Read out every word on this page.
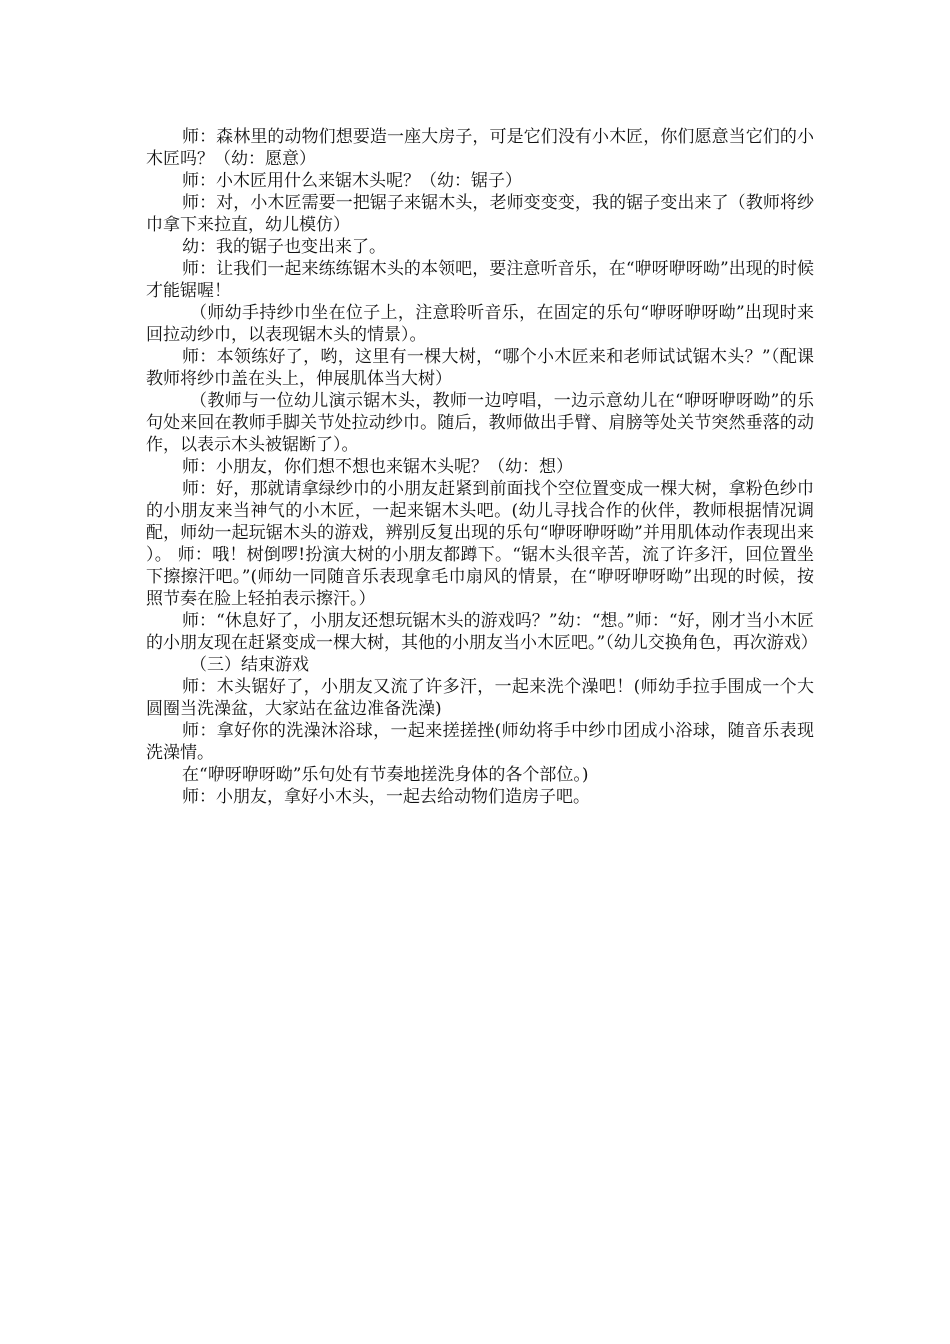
师：森林里的动物们想要造一座大房子，可是它们没有小木匠，你们愿意当它们的小木匠吗？（幼：愿意）

师：小木匠用什么来锯木头呢？（幼：锯子）

师：对，小木匠需要一把锯子来锯木头，老师变变变，我的锯子变出来了（教师将纱巾拿下来拉直，幼儿模仿）

幼：我的锯子也变出来了。

师：让我们一起来练练锯木头的本领吧，要注意听音乐，在“咿呀咿呀呦”出现的时候才能锯喔！

（师幼手持纱巾坐在位子上，注意聆听音乐，在固定的乐句“咿呀咿呀呦”出现时来回拉动纱巾，以表现锯木头的情景）。

师：本领练好了，哟，这里有一棵大树，“哪个小木匠来和老师试试锯木头？”（配课教师将纱巾盖在头上，伸展肌体当大树）

（教师与一位幼儿演示锯木头，教师一边哼唱，一边示意幼儿在“咿呀咿呀呦”的乐句处来回在教师手脚关节处拉动纱巾。随后，教师做出手臂、肩膀等处关节突然垂落的动作，以表示木头被锯断了）。

师：小朋友，你们想不想也来锯木头呢？（幼：想）

师：好，那就请拿绿纱巾的小朋友赶紧到前面找个空位置变成一棵大树，拿粉色纱巾的小朋友来当神气的小木匠，一起来锯木头吧。(幼儿寻找合作的伙伴，教师根据情况调配，师幼一起玩锯木头的游戏，辨别反复出现的乐句“咿呀咿呀呦”并用肌体动作表现出来）。 师：哦！树倒啰!扮演大树的小朋友都蹲下。“锯木头很辛苦，流了许多汗，回位置坐下擦擦汗吧。”(师幼一同随音乐表现拿毛巾扇风的情景，在“咿呀咿呀呦”出现的时候，按照节奏在脸上轻拍表示擦汗。）

师：“休息好了，小朋友还想玩锯木头的游戏吗？”幼：“想。”师：“好，刚才当小木匠的小朋友现在赶紧变成一棵大树，其他的小朋友当小木匠吧。”（幼儿交换角色，再次游戏）

（三）结束游戏

师：木头锯好了，小朋友又流了许多汗，一起来洗个澡吧！(师幼手拉手围成一个大圆圈当洗澡盆，大家站在盆边准备洗澡)

师：拿好你的洗澡沐浴球，一起来搓搓挫(师幼将手中纱巾团成小浴球，随音乐表现洗澡情。

在“咿呀咿呀呦”乐句处有节奏地搓洗身体的各个部位。)

师：小朋友，拿好小木头，一起去给动物们造房子吧。
